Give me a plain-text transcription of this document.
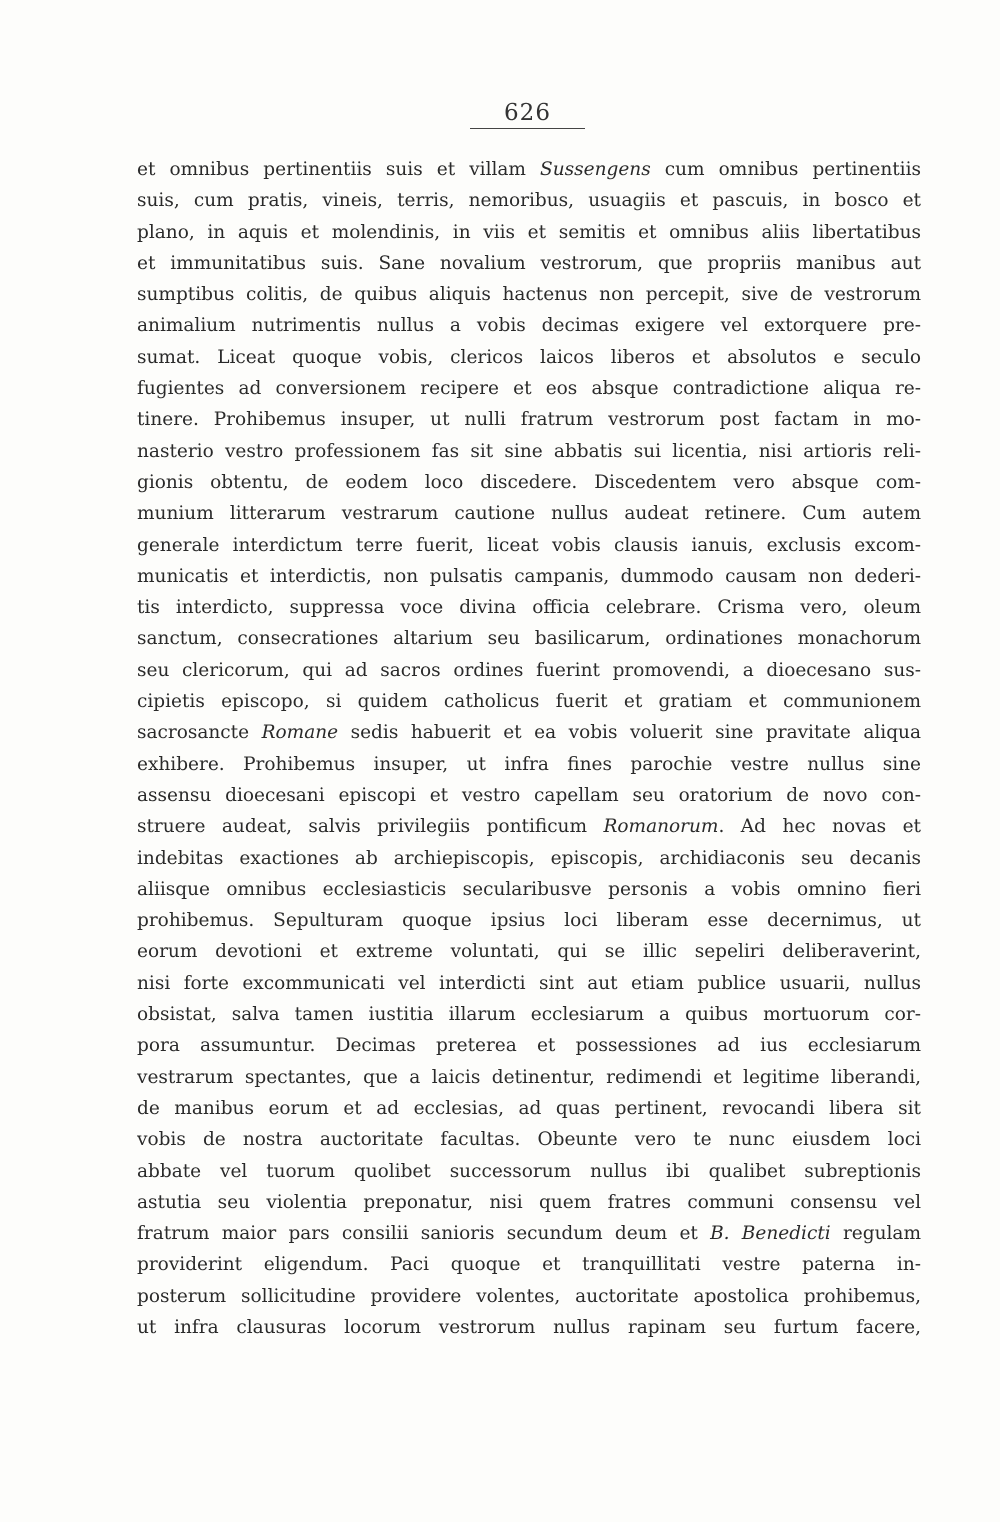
626
et omnibus pertinentiis suis et villam Sussengens cum omnibus pertinentiis
suis, cum pratis, vineis, terris, nemoribus, usuagiis et pascuis, in bosco et
plano, in aquis et molendinis, in viis et semitis et omnibus aliis libertatibus
et immunitatibus suis. Sane novalium vestrorum, que propriis manibus aut
sumptibus colitis, de quibus aliquis hactenus non percepit, sive de vestrorum
animalium nutrimentis nullus a vobis decimas exigere vel extorquere pre-
sumat. Liceat quoque vobis, clericos laicos liberos et absolutos e seculo
fugientes ad conversionem recipere et eos absque contradictione aliqua re-
tinere. Prohibemus insuper, ut nulli fratrum vestrorum post factam in mo-
nasterio vestro professionem fas sit sine abbatis sui licentia, nisi artioris reli-
gionis obtentu, de eodem loco discedere. Discedentem vero absque com-
munium litterarum vestrarum cautione nullus audeat retinere. Cum autem
generale interdictum terre fuerit, liceat vobis clausis ianuis, exclusis excom-
municatis et interdictis, non pulsatis campanis, dummodo causam non dederi-
tis interdicto, suppressa voce divina officia celebrare. Crisma vero, oleum
sanctum, consecrationes altarium seu basilicarum, ordinationes monachorum
seu clericorum, qui ad sacros ordines fuerint promovendi, a dioecesano sus-
cipietis episcopo, si quidem catholicus fuerit et gratiam et communionem
sacrosancte Romane sedis habuerit et ea vobis voluerit sine pravitate aliqua
exhibere. Prohibemus insuper, ut infra fines parochie vestre nullus sine
assensu dioecesani episcopi et vestro capellam seu oratorium de novo con-
struere audeat, salvis privilegiis pontificum Romanorum. Ad hec novas et
indebitas exactiones ab archiepiscopis, episcopis, archidiaconis seu decanis
aliisque omnibus ecclesiasticis secularibusve personis a vobis omnino fieri
prohibemus. Sepulturam quoque ipsius loci liberam esse decernimus, ut
eorum devotioni et extreme voluntati, qui se illic sepeliri deliberaverint,
nisi forte excommunicati vel interdicti sint aut etiam publice usuarii, nullus
obsistat, salva tamen iustitia illarum ecclesiarum a quibus mortuorum cor-
pora assumuntur. Decimas preterea et possessiones ad ius ecclesiarum
vestrarum spectantes, que a laicis detinentur, redimendi et legitime liberandi,
de manibus eorum et ad ecclesias, ad quas pertinent, revocandi libera sit
vobis de nostra auctoritate facultas. Obeunte vero te nunc eiusdem loci
abbate vel tuorum quolibet successorum nullus ibi qualibet subreptionis
astutia seu violentia preponatur, nisi quem fratres communi consensu vel
fratrum maior pars consilii sanioris secundum deum et B. Benedicti regulam
providerint eligendum. Paci quoque et tranquillitati vestre paterna in-
posterum sollicitudine providere volentes, auctoritate apostolica prohibemus,
ut infra clausuras locorum vestrorum nullus rapinam seu furtum facere,
